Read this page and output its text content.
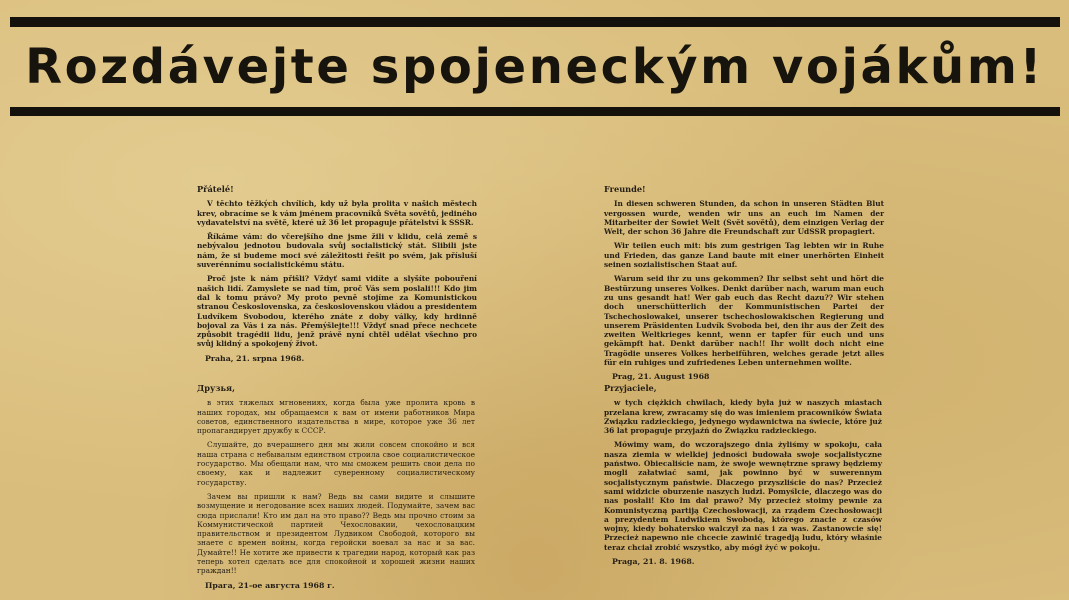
Rozdávejte spojeneckým vojákům!
Přátelé!

V těchto těžkých chvílích, kdy už byla prolita v našich městech krev, obracíme se k vám jménem pracovníků Světa sovětů, jediného vydavatelství na světě, které už 36 let propaguje přátelství k SSSR.

Říkáme vám: do včerejšího dne jsme žili v klidu, celá země s nebývalou jednotou budovala svůj socialistický stát. Slibili jste nám, že si budeme moci své záležitosti řešit po svém, jak přísluší suverénnímu socialistickému státu.

Proč jste k nám přišli? Vždyť sami vidíte a slyšíte pobouření našich lidí. Zamyslete se nad tím, proč Vás sem poslali!!! Kdo jim dal k tomu právo? My proto pevně stojíme za Komunistickou stranou Československa, za československou vládou a presidentem Ludvíkem Svobodou, kterého znáte z doby války, kdy hrdinně bojoval za Vás i za nás. Přemýšlejte!!! Vždyť snad přece nechcete způsobit tragédii lidu, jenž právě nyní chtěl udělat všechno pro svůj klidný a spokojený život.

Praha, 21. srpna 1968.
Freunde!

In diesen schweren Stunden, da schon in unseren Städten Blut vergossen wurde, wenden wir uns an euch im Namen der Mitarbeiter der Sowiet Welt (Svět sovětů), dem einzigen Verlag der Welt, der schon 36 Jahre die Freundschaft zur UdSSR propagiert.

Wir teilen euch mit: bis zum gestrigen Tag lebten wir in Ruhe und Frieden, das ganze Land baute mit einer unerhörten Einheit seinen sozialistischen Staat auf.

Warum seid ihr zu uns gekommen? Ihr selbst seht und hört die Bestürzung unseres Volkes. Denkt darüber nach, warum man euch zu uns gesandt hat! Wer gab euch das Recht dazu?? Wir stehen doch unerschütterlich der Kommunistischen Partei der Tschechoslowakei, unserer tschechoslowakischen Regierung und unserem Präsidenten Ludvík Svoboda bei, den ihr aus der Zeit des zweiten Weltkrieges kennt, wenn er tapfer für euch und uns gekämpft hat. Denkt darüber nach!! Ihr wollt doch nicht eine Tragödie unseres Volkes herbeiführen, welches gerade jetzt alles für ein ruhiges und zufriedenes Leben unternehmen wollte.

Prag, 21. August 1968
Друзья,

в этих тяжелых мгновениях, когда была уже пролита кровь в наших городах, мы обращаемся к вам от имени работников Мира советов, единственного издательства в мире, которое уже 36 лет пропагандирует дружбу к СССР.

Слушайте, до вчерашнего дня мы жили совсем спокойно и вся наша страна с небывалым единством строила свое социалистическое государство. Мы обещали нам, что мы сможем решить свои дела по своему, как и надлежит суверенному социалистическому государству.

Зачем вы пришли к нам? Ведь вы сами видите и слышите возмущение и негодование всех наших людей. Подумайте, зачем вас сюда прислали! Кто им дал на это право?? Ведь мы прочно стоим за Коммунистической партией Чехословакии, чехословацким правительством и президентом Лудвиком Свободой, которого вы знаете с времен войны, когда геройски воевал за нас и за вас. Думайте!! Не хотите же привести к трагедии народ, который как раз теперь хотел сделать все для спокойной и хорошей жизни наших граждан!!

Прага, 21-ое августа 1968 г.
Przyjaciele,

w tych ciężkich chwilach, kiedy była już w naszych miastach przelana krew, zwracamy się do was imieniem pracowników Świata Związku radzieckiego, jedynego wydawnictwa na świecie, które już 36 lat propaguje przyjaźń do Związku radzieckiego.

Mówimy wam, do wczorajszego dnia żyliśmy w spokoju, cała nasza ziemia w wielkiej jedności budowała swoje socjalistyczne państwo. Obiecaliście nam, że swoje wewnętrzne sprawy będziemy mogli załatwiać sami, jak powinno być w suwerennym socjalistycznym państwie. Dlaczego przyszliście do nas? Przecież sami widzicie oburzenie naszych ludzi. Pomyślcie, dlaczego was do nas posłali! Kto im dał prawo? My przecież stoimy pewnie za Komunistyczną partiją Czechosłowacji, za rządem Czechosłowacji a prezydentem Ludwikiem Swobodą, którego znacie z czasów wojny, kiedy bohatersko walczył za nas i za was. Zastanowcie się! Przecież napewno nie chcecie zawinić tragedją ludu, który właśnie teraz chciał zrobić wszystko, aby mógł żyć w pokoju.

Praga, 21. 8. 1968.
